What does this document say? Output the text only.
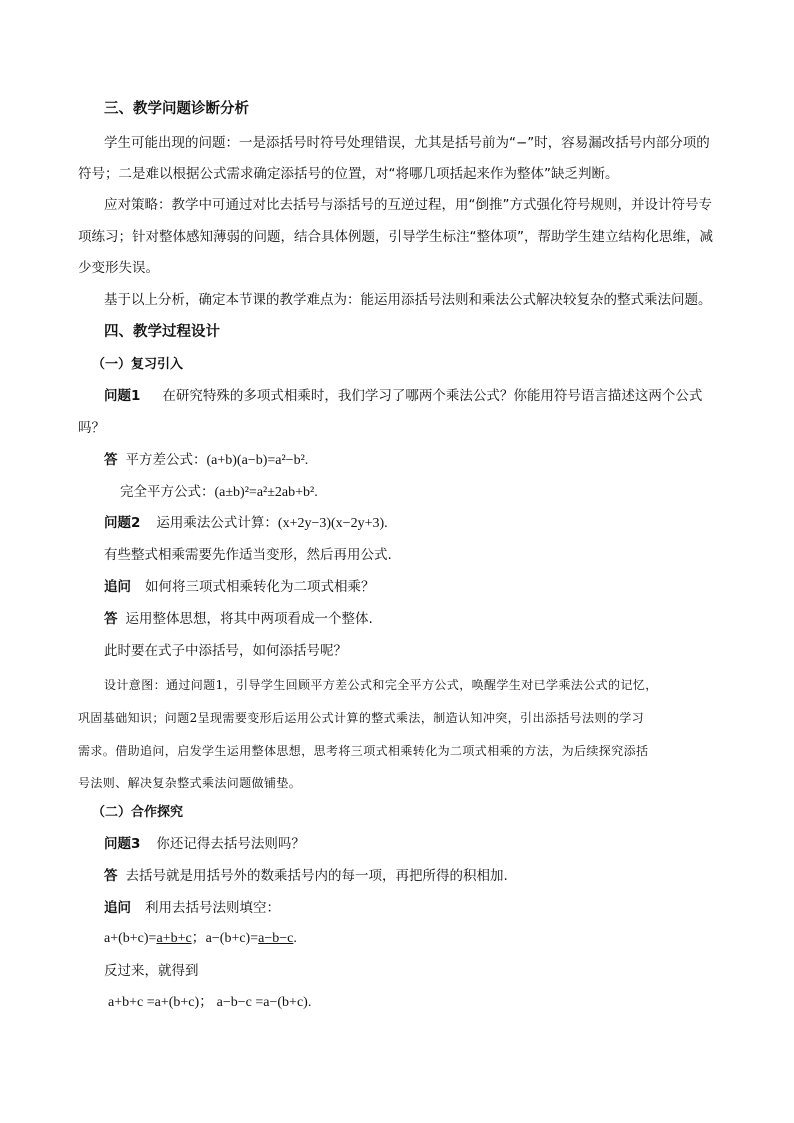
三、教学问题诊断分析
学生可能出现的问题：一是添括号时符号处理错误，尤其是括号前为“−”时，容易漏改括号内部分项的
符号；二是难以根据公式需求确定添括号的位置，对“将哪几项括起来作为整体”缺乏判断。
应对策略：教学中可通过对比去括号与添括号的互逆过程，用“倒推”方式强化符号规则，并设计符号专
项练习；针对整体感知薄弱的问题，结合具体例题，引导学生标注“整体项”，帮助学生建立结构化思维，减
少变形失误。
基于以上分析，确定本节课的教学难点为：能运用添括号法则和乘法公式解决较复杂的整式乘法问题。
四、教学过程设计
（一）复习引入
问题1 在研究特殊的多项式相乘时，我们学习了哪两个乘法公式？你能用符号语言描述这两个公式
吗？
答 平方差公式：(a+b)(a−b)=a²−b².
完全平方公式：(a±b)²=a²±2ab+b².
问题2 运用乘法公式计算：(x+2y−3)(x−2y+3).
有些整式相乘需要先作适当变形，然后再用公式.
追问 如何将三项式相乘转化为二项式相乘？
答 运用整体思想，将其中两项看成一个整体.
此时要在式子中添括号，如何添括号呢？
设计意图：通过问题1，引导学生回顾平方差公式和完全平方公式，唤醒学生对已学乘法公式的记忆，
巩固基础知识；问题2呈现需要变形后运用公式计算的整式乘法，制造认知冲突，引出添括号法则的学习
需求。借助追问，启发学生运用整体思想，思考将三项式相乘转化为二项式相乘的方法，为后续探究添括
号法则、解决复杂整式乘法问题做铺垫。
（二）合作探究
问题3 你还记得去括号法则吗？
答 去括号就是用括号外的数乘括号内的每一项，再把所得的积相加.
追问 利用去括号法则填空：
a+(b+c)=a+b+c；a−(b+c)=a−b−c.
反过来，就得到
a+b+c =a+(b+c)； a−b−c =a−(b+c).
